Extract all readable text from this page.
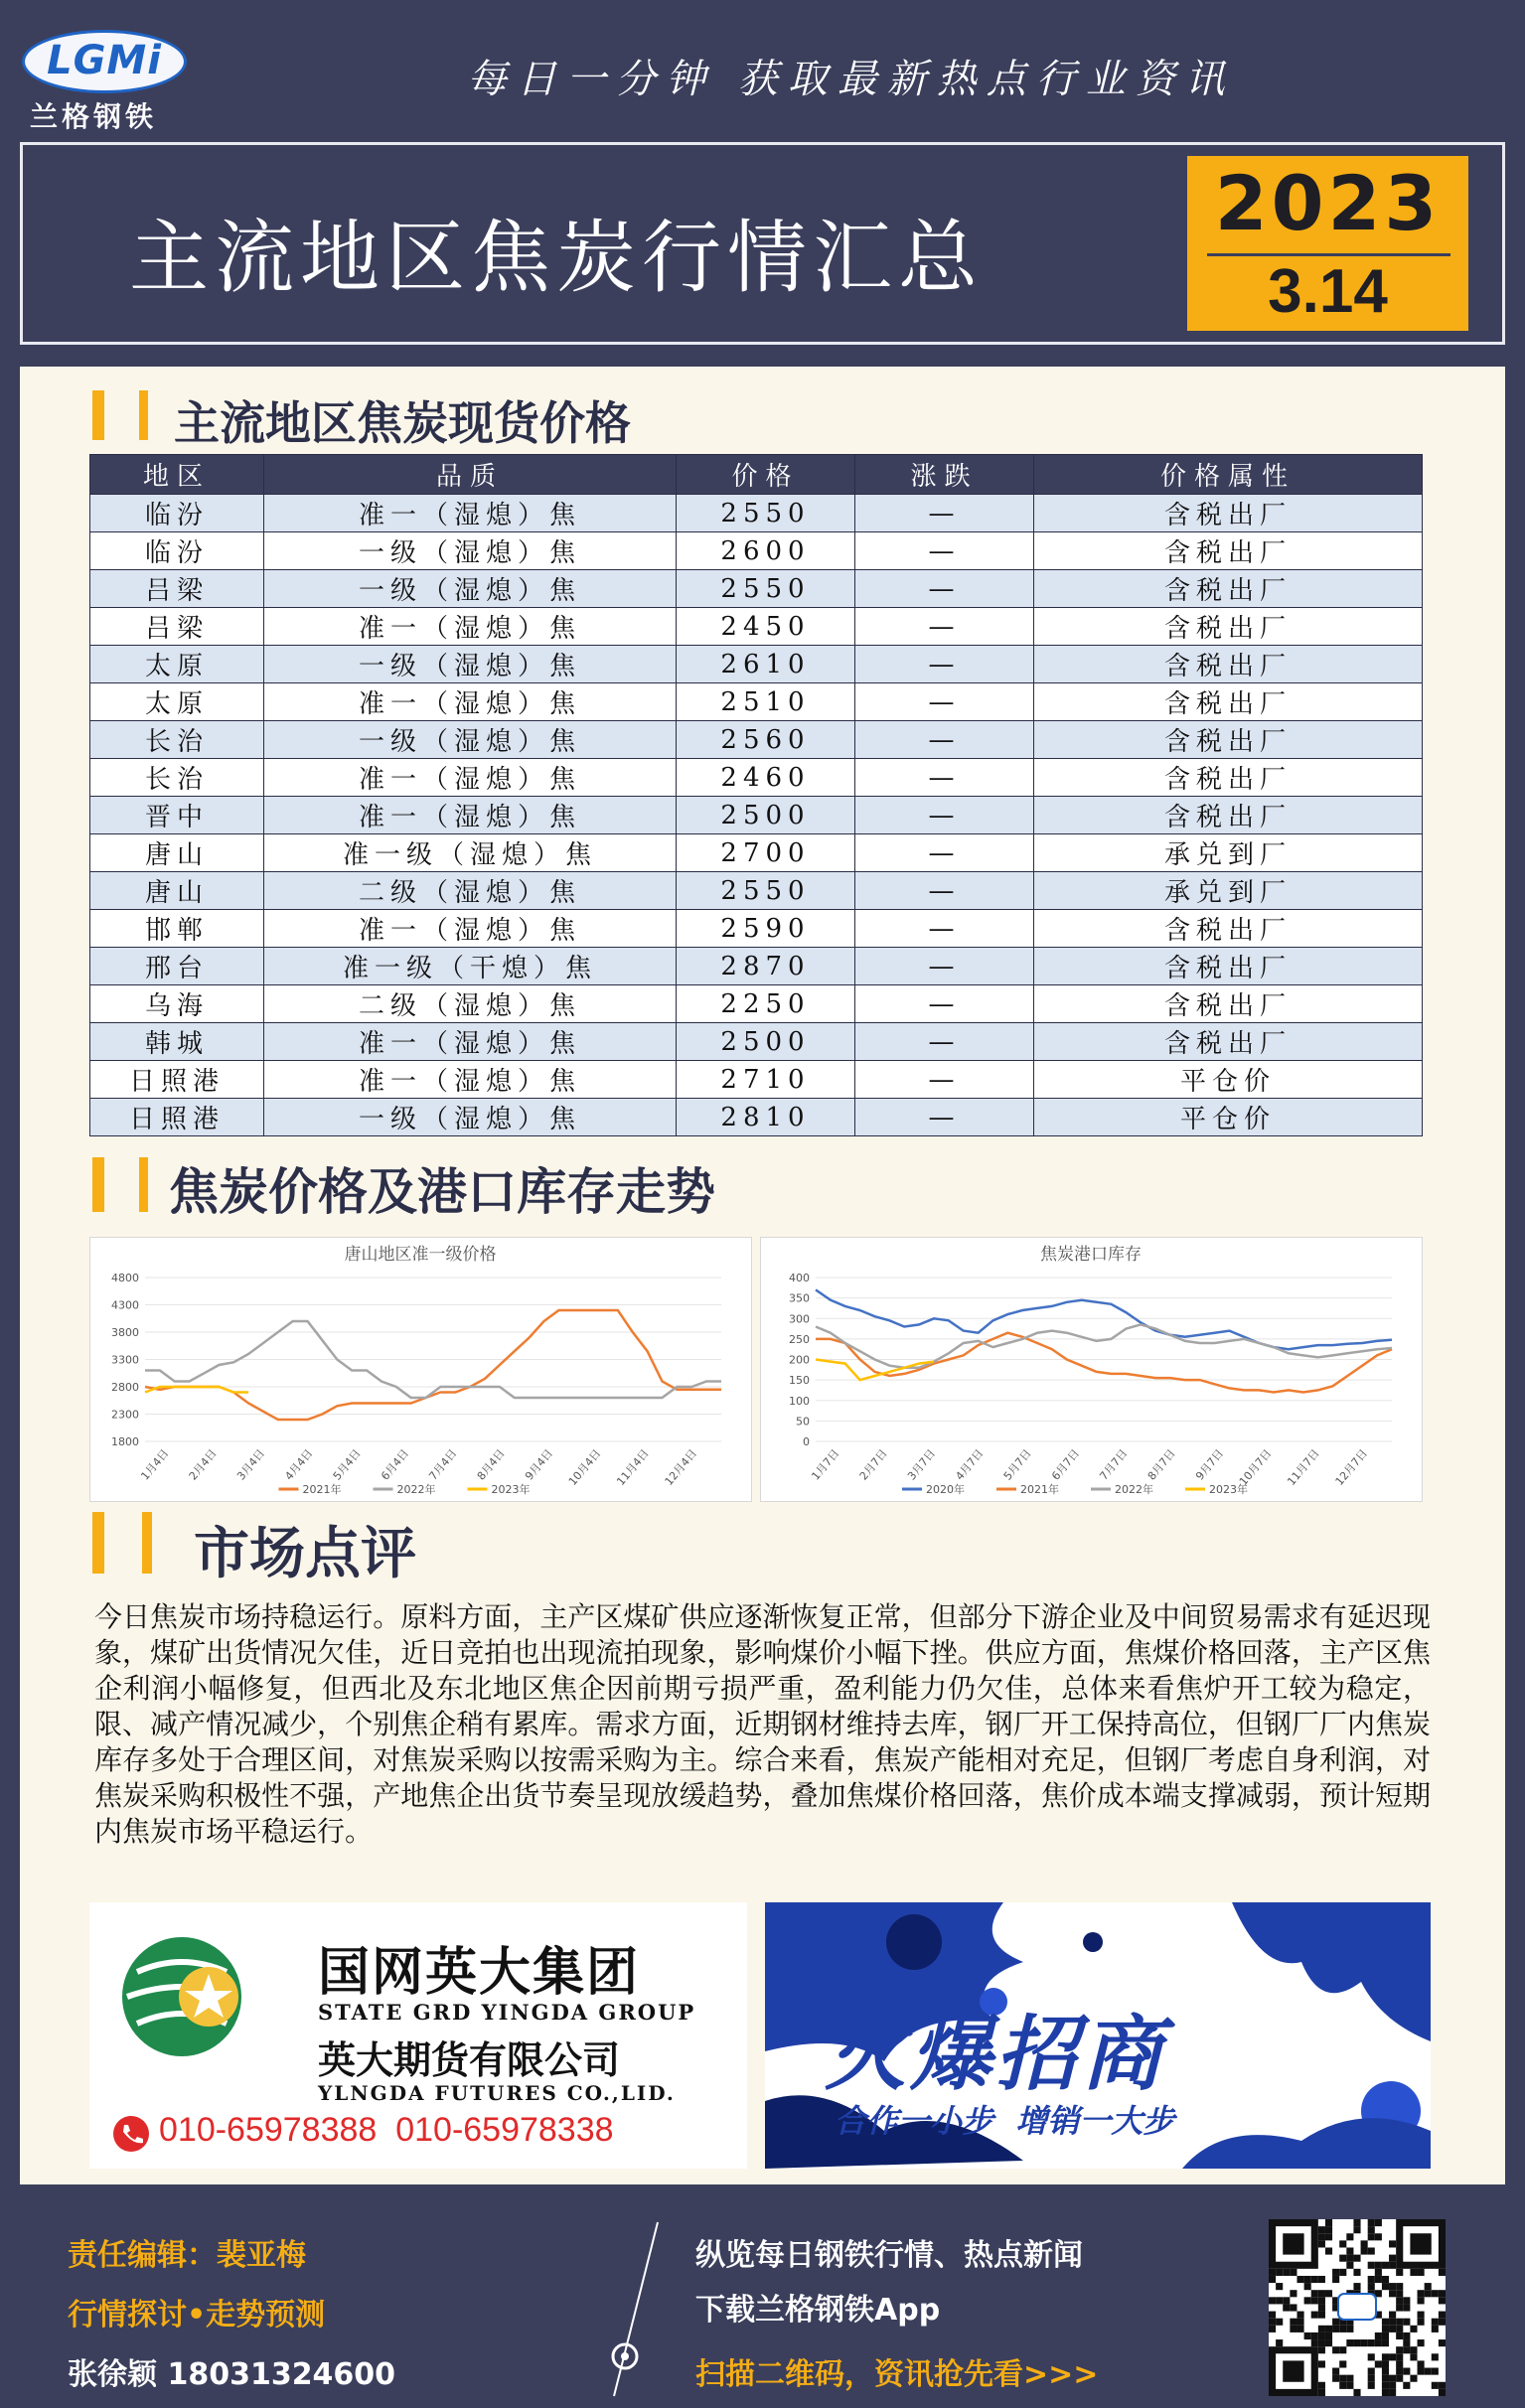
LGMi
兰格钢铁
每日一分钟 获取最新热点行业资讯
主流地区焦炭行情汇总
2023
3.14
主流地区焦炭现货价格
地区	品质	价格	涨跌	价格属性
临汾	准一（湿熄）焦	2550	—	含税出厂
临汾	一级（湿熄）焦	2600	—	含税出厂
吕梁	一级（湿熄）焦	2550	—	含税出厂
吕梁	准一（湿熄）焦	2450	—	含税出厂
太原	一级（湿熄）焦	2610	—	含税出厂
太原	准一（湿熄）焦	2510	—	含税出厂
长治	一级（湿熄）焦	2560	—	含税出厂
长治	准一（湿熄）焦	2460	—	含税出厂
晋中	准一（湿熄）焦	2500	—	含税出厂
唐山	准一级（湿熄）焦	2700	—	承兑到厂
唐山	二级（湿熄）焦	2550	—	承兑到厂
邯郸	准一（湿熄）焦	2590	—	含税出厂
邢台	准一级（干熄）焦	2870	—	含税出厂
乌海	二级（湿熄）焦	2250	—	含税出厂
韩城	准一（湿熄）焦	2500	—	含税出厂
日照港	准一（湿熄）焦	2710	—	平仓价
日照港	一级（湿熄）焦	2810	—	平仓价
焦炭价格及港口库存走势
唐山地区准一级价格
1800
2300
2800
3300
3800
4300
4800
1月4日 2月4日 3月4日 4月4日 5月4日 6月4日 7月4日 8月4日 9月4日 10月4日 11月4日 12月4日
2021年	2022年	2023年
焦炭港口库存
0
50
100
150
200
250
300
350
400
1月7日 2月7日 3月7日 4月7日 5月7日 6月7日 7月7日 8月7日 9月7日 10月7日 11月7日 12月7日
2020年	2021年	2022年	2023年
市场点评
今日焦炭市场持稳运行。原料方面，主产区煤矿供应逐渐恢复正常，但部分下游企业及中间贸易需求有延迟现象，煤矿出货情况欠佳，近日竞拍也出现流拍现象，影响煤价小幅下挫。供应方面，焦煤价格回落，主产区焦企利润小幅修复，但西北及东北地区焦企因前期亏损严重，盈利能力仍欠佳，总体来看焦炉开工较为稳定，限、减产情况减少，个别焦企稍有累库。需求方面，近期钢材维持去库，钢厂开工保持高位，但钢厂厂内焦炭库存多处于合理区间，对焦炭采购以按需采购为主。综合来看，焦炭产能相对充足，但钢厂考虑自身利润，对焦炭采购积极性不强，产地焦企出货节奏呈现放缓趋势，叠加焦煤价格回落，焦价成本端支撑减弱，预计短期内焦炭市场平稳运行。
国网英大集团
STATE GRD YINGDA GROUP
英大期货有限公司
YLNGDA FUTURES CO.,LID.
010-65978388  010-65978338
火爆招商
合作一小步  增销一大步
责任编辑：裴亚梅
行情探讨•走势预测
张徐颖 18031324600
纵览每日钢铁行情、热点新闻
下载兰格钢铁App
扫描二维码，资讯抢先看>>>
